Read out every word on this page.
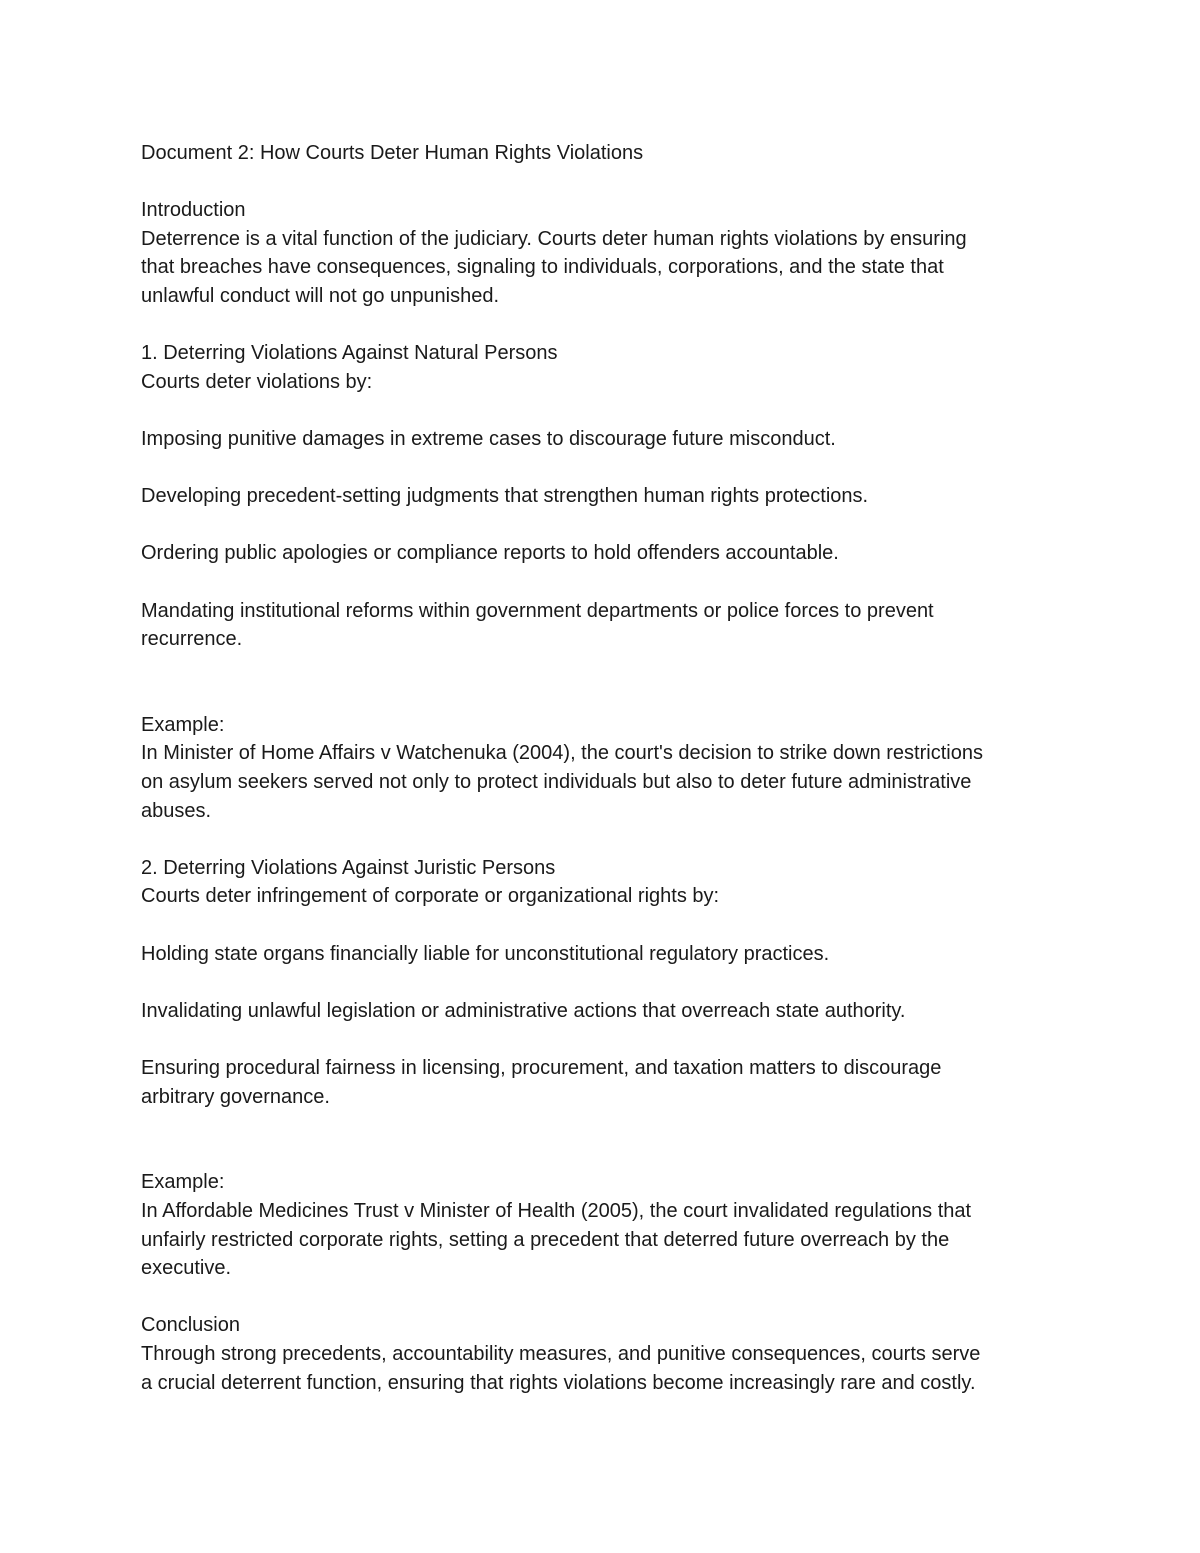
Document 2: How Courts Deter Human Rights Violations
Introduction
Deterrence is a vital function of the judiciary. Courts deter human rights violations by ensuring
that breaches have consequences, signaling to individuals, corporations, and the state that
unlawful conduct will not go unpunished.
1. Deterring Violations Against Natural Persons
Courts deter violations by:
Imposing punitive damages in extreme cases to discourage future misconduct.
Developing precedent-setting judgments that strengthen human rights protections.
Ordering public apologies or compliance reports to hold offenders accountable.
Mandating institutional reforms within government departments or police forces to prevent
recurrence.
Example:
In Minister of Home Affairs v Watchenuka (2004), the court's decision to strike down restrictions
on asylum seekers served not only to protect individuals but also to deter future administrative
abuses.
2. Deterring Violations Against Juristic Persons
Courts deter infringement of corporate or organizational rights by:
Holding state organs financially liable for unconstitutional regulatory practices.
Invalidating unlawful legislation or administrative actions that overreach state authority.
Ensuring procedural fairness in licensing, procurement, and taxation matters to discourage
arbitrary governance.
Example:
In Affordable Medicines Trust v Minister of Health (2005), the court invalidated regulations that
unfairly restricted corporate rights, setting a precedent that deterred future overreach by the
executive.
Conclusion
Through strong precedents, accountability measures, and punitive consequences, courts serve
a crucial deterrent function, ensuring that rights violations become increasingly rare and costly.
